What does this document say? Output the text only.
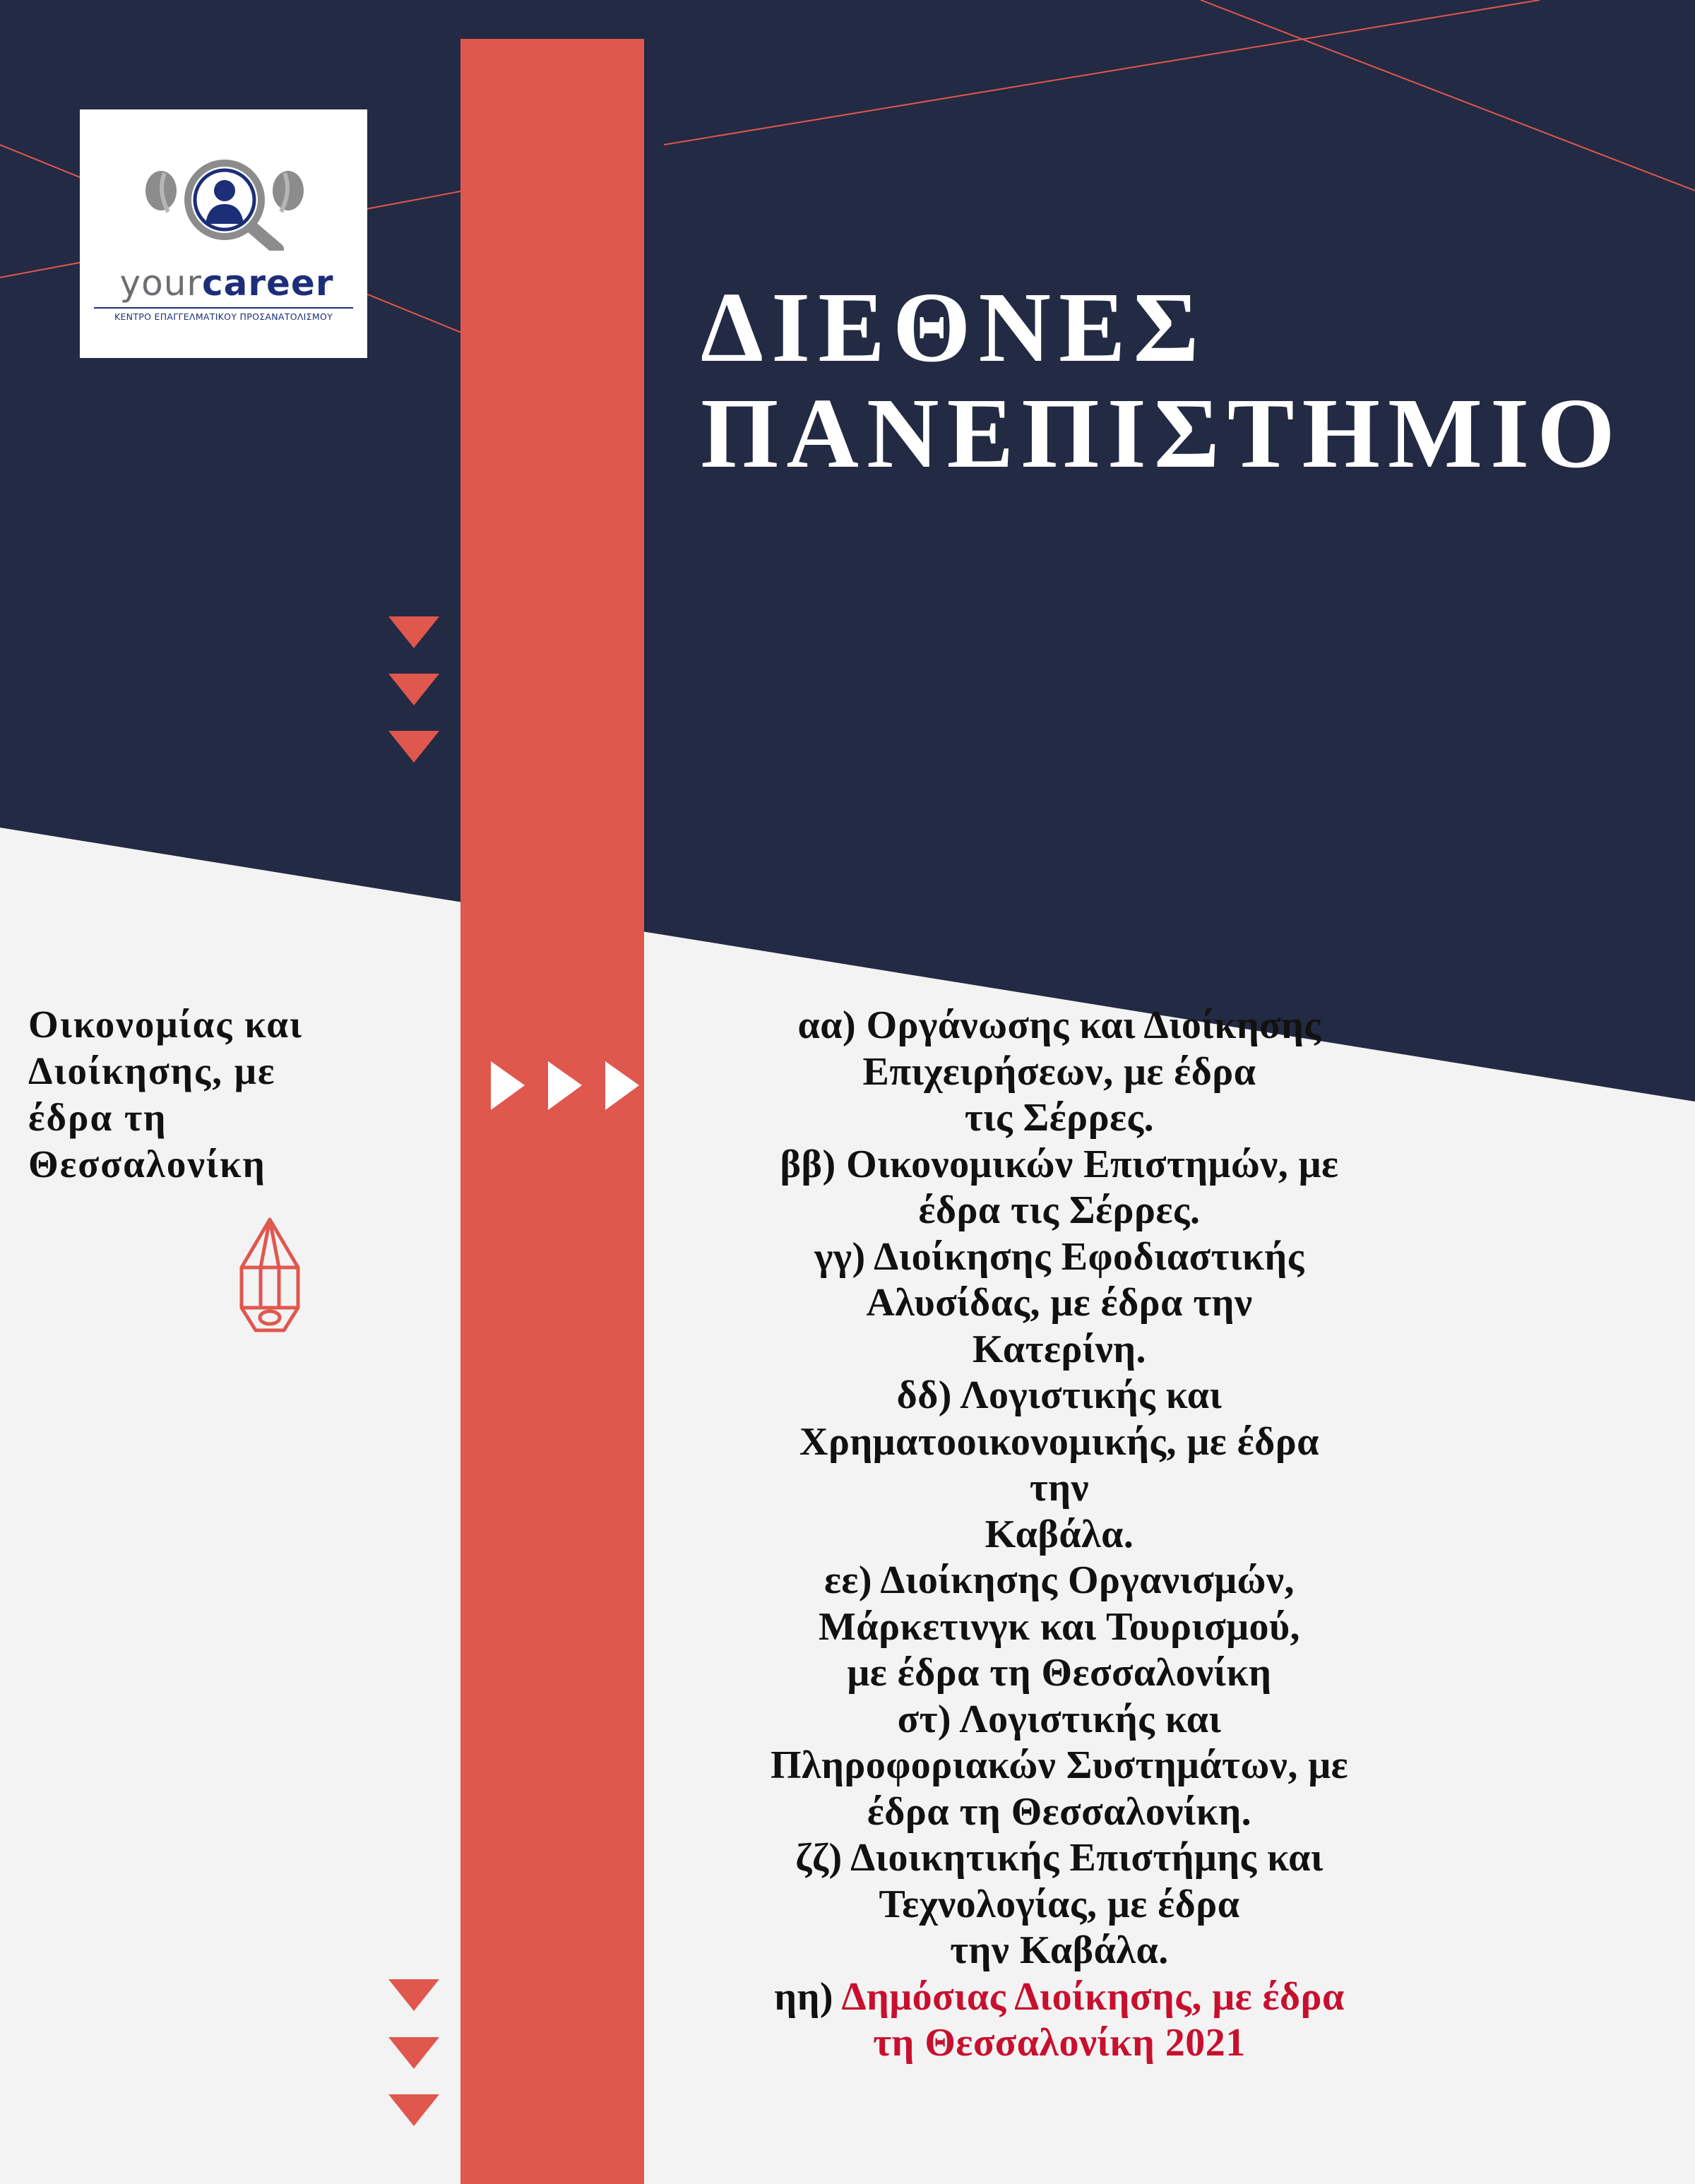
yourcareer
ΚΕΝΤΡΟ ΕΠΑΓΓΕΛΜΑΤΙΚΟΥ ΠΡΟΣΑΝΑΤΟΛΙΣΜΟΥ	ΔΙΕΘΝΕΣ
ΠΑΝΕΠΙΣΤΗΜΙΟ
Οικονομίας και
Διοίκησης, με
έδρα τη
Θεσσαλονίκη
αα) Οργάνωσης και Διοίκησης
Επιχειρήσεων, με έδρα
τις Σέρρες.
ββ) Οικονομικών Επιστημών, με
έδρα τις Σέρρες.
γγ) Διοίκησης Εφοδιαστικής
Αλυσίδας, με έδρα την
Κατερίνη.
δδ) Λογιστικής και
Χρηματοοικονομικής, με έδρα
την
Καβάλα.
εε) Διοίκησης Οργανισμών,
Μάρκετινγκ και Τουρισμού,
με έδρα τη Θεσσαλονίκη
στ) Λογιστικής και
Πληροφοριακών Συστημάτων, με
έδρα τη Θεσσαλονίκη.
ζζ) Διοικητικής Επιστήμης και
Τεχνολογίας, με έδρα
την Καβάλα.
ηη) Δημόσιας Διοίκησης, με έδρα
τη Θεσσαλονίκη 2021
